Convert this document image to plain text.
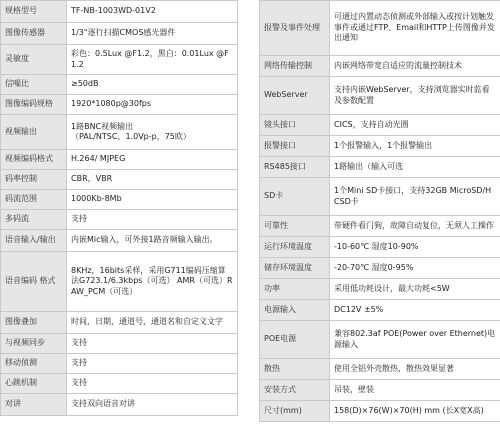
规格型号	TF-NB-1003WD-01V2
图像传感器	1/3"逐行扫描CMOS感光器件
灵敏度	彩色：0.5Lux @F1.2，黑白：0.01Lux @F1.2
信噪比	≥50dB
图像编码规格	1920*1080p@30fps
视频输出	1路BNC视频输出
（PAL/NTSC，1.0Vp-p，75欧）
视频编码格式	H.264/ MJPEG
码率控制	CBR，VBR
码流范围	1000Kb-8Mb
多码流	支持
语音输入/输出	内嵌Mic输入，可外接1路音频输入输出。
语音编码 格式	8KHz，16bits采样，采用G711编码压缩算法G723.1/6.3kbps（可选） AMR（可选）RAW_PCM（可选）
图像叠加	时间，日期，通道号，通道名和自定义文字
与视频同步	支持
移动侦测	支持
心跳机制	支持
对讲	支持双向语音对讲
报警及事件处理	可通过内置动态侦测或外部输入或按计划触发事件或通过FTP、Email和HTTP上传图像并发出通知
网络传输控制	内嵌网络带宽自适应的流量控制技术
WebServer	支持内嵌WebServer，支持浏览器实时监看及参数配置
镜头接口	CICS，支持自动光圈
报警接口	1个报警输入，1个报警输出
RS485接口	1路输出（输入可选
SD卡	1个Mini SD卡接口，支持32GB MicroSD/HCSD卡
可靠性	带硬件看门狗，故障自动复位，无须人工操作
运行环境温度	-10-60℃ 湿度10-90%
储存环境温度	-20-70℃ 湿度0-95%
功率	采用低功耗设计，最大功耗<5W
电源输入	DC12V ±5%
POE电源	兼容802.3af POE(Power over Ethernet)电源输入
散热	使用全铝外壳散热，散热效果显著
安装方式	吊装，壁装
尺寸(mm)	158(D)×76(W)×70(H) mm (长X宽X高)
